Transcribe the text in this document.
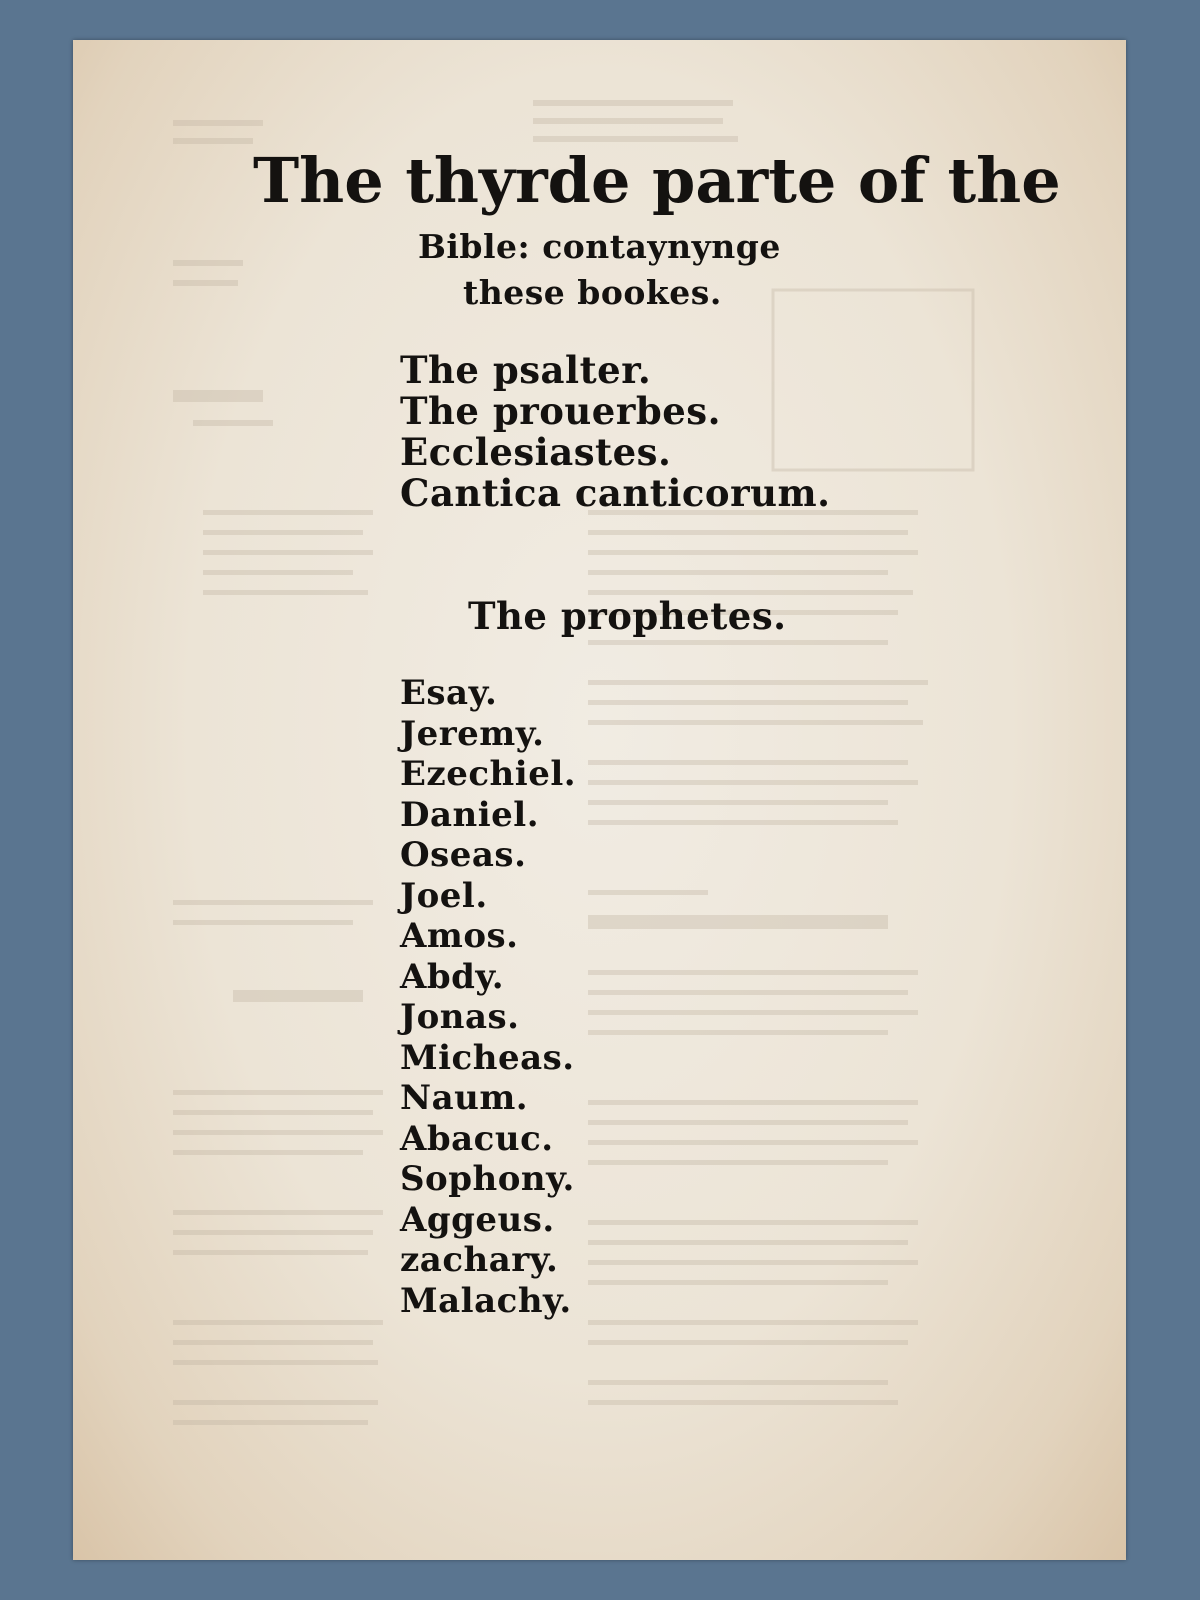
The thyrde parte of the
Bible: contaynynge
these bookes.
The psalter.
The prouerbes.
Ecclesiastes.
Cantica canticorum.
The prophetes.
Esay.
Jeremy.
Ezechiel.
Daniel.
Oseas.
Joel.
Amos.
Abdy.
Jonas.
Micheas.
Naum.
Abacuc.
Sophony.
Aggeus.
zachary.
Malachy.
